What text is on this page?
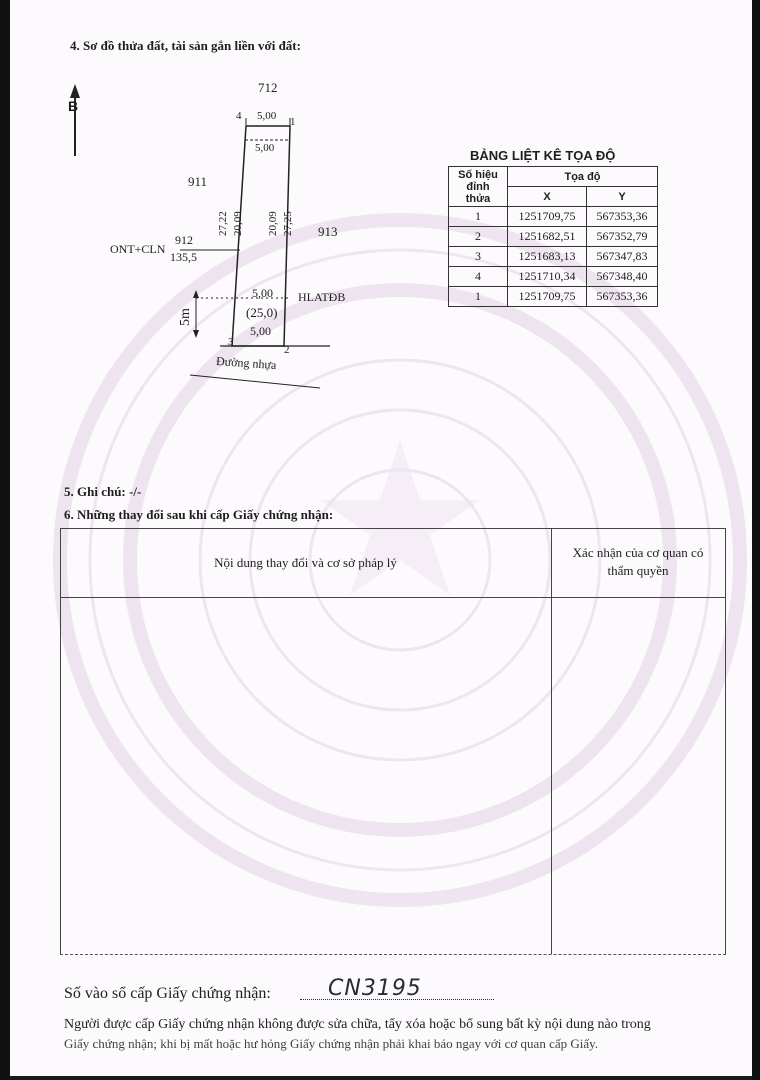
4. Sơ đồ thửa đất, tài sản gắn liền với đất:
B
712
911
913
ONT+CLN
912
135,5
4	1
3
2
5,00
5,00
27,22 20,09 20,09 27,25
5,00 HLATĐB
(25,0)
5,00
5m
Đường nhựa
BẢNG LIỆT KÊ TỌA ĐỘ
Số hiệu đỉnh thửa	Tọa độ	
	X	Y
1	1251709,75	567353,36
2	1251682,51	567352,79
3	1251683,13	567347,83
4	1251710,34	567348,40
1	1251709,75	567353,36
5. Ghi chú: -/-
6. Những thay đổi sau khi cấp Giấy chứng nhận:
Nội dung thay đổi và cơ sở pháp lý
Xác nhận của cơ quan có thẩm quyền
Số vào sổ cấp Giấy chứng nhận:	CN3195
Người được cấp Giấy chứng nhận không được sửa chữa, tẩy xóa hoặc bổ sung bất kỳ nội dung nào trong
Giấy chứng nhận; khi bị mất hoặc hư hỏng Giấy chứng nhận phải khai báo ngay với cơ quan cấp Giấy.
